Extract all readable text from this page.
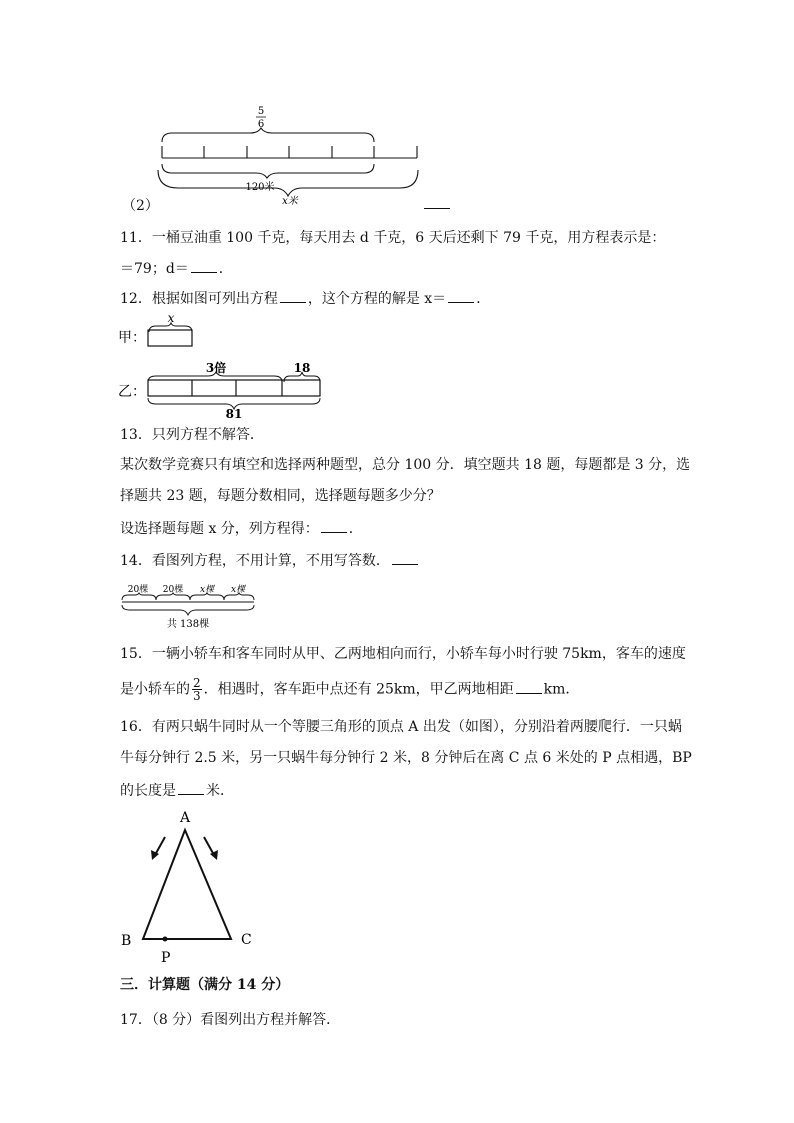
5
6
120米
x米
（2）
11．一桶豆油重 100 千克，每天用去 d 千克，6 天后还剩下 79 千克，用方程表示是：
＝79；d＝ ．
12．根据如图可列出方程 ，这个方程的解是 x＝ ．
甲：
x
乙：
3倍	18
81
13．只列方程不解答．
某次数学竞赛只有填空和选择两种题型，总分 100 分．填空题共 18 题，每题都是 3 分，选
择题共 23 题，每题分数相同，选择题每题多少分？
设选择题每题 x 分，列方程得： ．
14．看图列方程，不用计算，不用写答数．
20棵 20棵 x棵 x棵
共 138棵
15．一辆小轿车和客车同时从甲、乙两地相向而行，小轿车每小时行驶 75km，客车的速度
是小轿车的 $\frac{2}{3}$ ．相遇时，客车距中点还有 25km，甲乙两地相距 km．
16．有两只蜗牛同时从一个等腰三角形的顶点 A 出发（如图），分别沿着两腰爬行．一只蜗
牛每分钟行 2.5 米，另一只蜗牛每分钟行 2 米，8 分钟后在离 C 点 6 米处的 P 点相遇，BP
的长度是 米．
A
B	C
P
三．计算题（满分 14 分）
17．（8 分）看图列出方程并解答．
